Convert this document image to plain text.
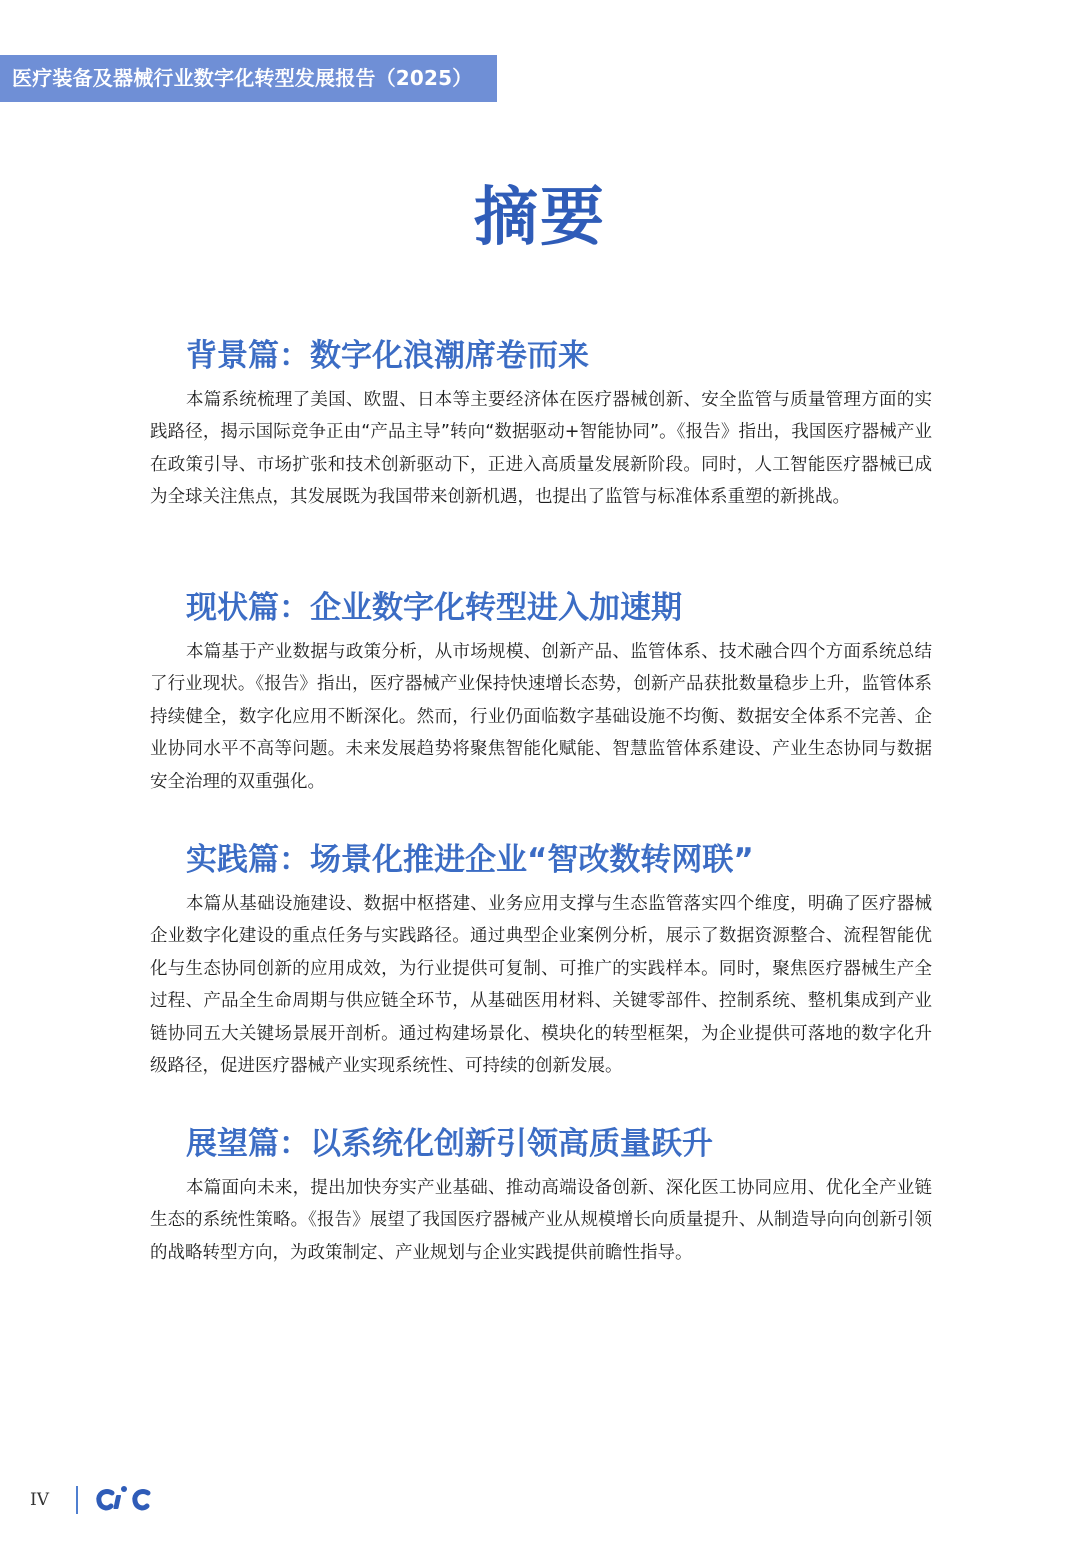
医疗装备及器械行业数字化转型发展报告（2025）
摘要
背景篇：数字化浪潮席卷而来

本篇系统梳理了美国、欧盟、日本等主要经济体在医疗器械创新、安全监管与质量管理方面的实践路径，揭示国际竞争正由“产品主导”转向“数据驱动+智能协同”。《报告》指出，我国医疗器械产业在政策引导、市场扩张和技术创新驱动下，正进入高质量发展新阶段。同时，人工智能医疗器械已成为全球关注焦点，其发展既为我国带来创新机遇，也提出了监管与标准体系重塑的新挑战。

现状篇：企业数字化转型进入加速期

本篇基于产业数据与政策分析，从市场规模、创新产品、监管体系、技术融合四个方面系统总结了行业现状。《报告》指出，医疗器械产业保持快速增长态势，创新产品获批数量稳步上升，监管体系持续健全，数字化应用不断深化。然而，行业仍面临数字基础设施不均衡、数据安全体系不完善、企业协同水平不高等问题。未来发展趋势将聚焦智能化赋能、智慧监管体系建设、产业生态协同与数据安全治理的双重强化。

实践篇：场景化推进企业“智改数转网联”

本篇从基础设施建设、数据中枢搭建、业务应用支撑与生态监管落实四个维度，明确了医疗器械企业数字化建设的重点任务与实践路径。通过典型企业案例分析，展示了数据资源整合、流程智能优化与生态协同创新的应用成效，为行业提供可复制、可推广的实践样本。同时，聚焦医疗器械生产全过程、产品全生命周期与供应链全环节，从基础医用材料、关键零部件、控制系统、整机集成到产业链协同五大关键场景展开剖析。通过构建场景化、模块化的转型框架，为企业提供可落地的数字化升级路径，促进医疗器械产业实现系统性、可持续的创新发展。

展望篇：以系统化创新引领高质量跃升

本篇面向未来，提出加快夯实产业基础、推动高端设备创新、深化医工协同应用、优化全产业链生态的系统性策略。《报告》展望了我国医疗器械产业从规模增长向质量提升、从制造导向向创新引领的战略转型方向，为政策制定、产业规划与企业实践提供前瞻性指导。

IV
